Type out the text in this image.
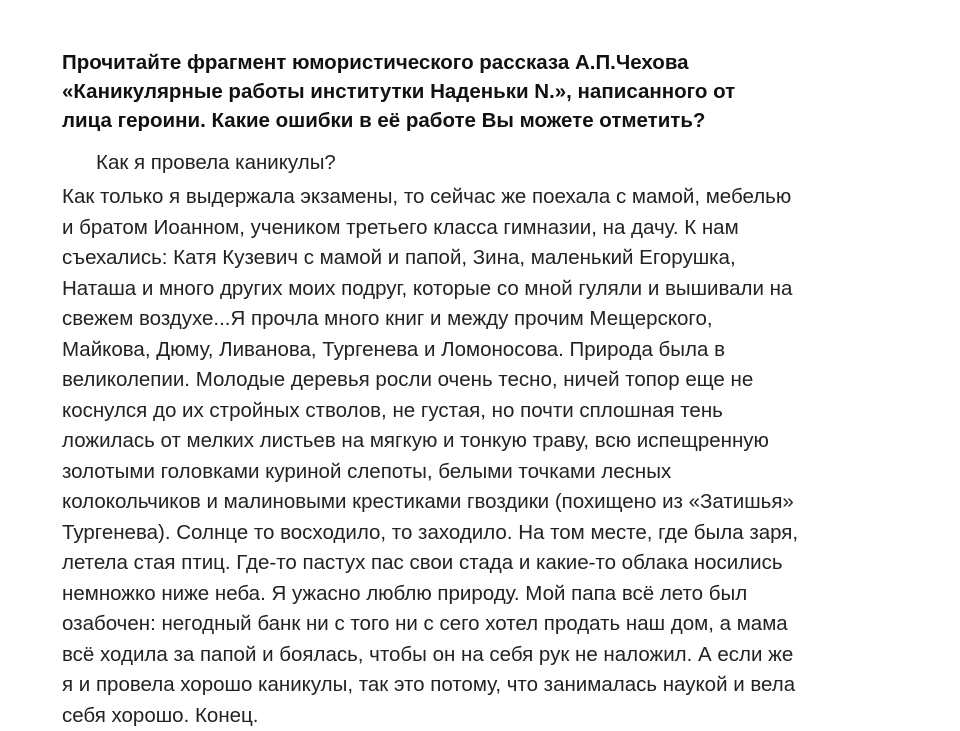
Прочитайте фрагмент юмористического рассказа А.П.Чехова
«Каникулярные работы институтки Наденьки N.», написанного от
лица героини. Какие ошибки в её работе Вы можете отметить?
Как я провела каникулы?
Как только я выдержала экзамены, то сейчас же поехала с мамой, мебелью
и братом Иоанном, учеником третьего класса гимназии, на дачу. К нам
съехались: Катя Кузевич с мамой и папой, Зина, маленький Егорушка,
Наташа и много других моих подруг, которые со мной гуляли и вышивали на
свежем воздухе...Я прочла много книг и между прочим Мещерского,
Майкова, Дюму, Ливанова, Тургенева и Ломоносова. Природа была в
великолепии. Молодые деревья росли очень тесно, ничей топор еще не
коснулся до их стройных стволов, не густая, но почти сплошная тень
ложилась от мелких листьев на мягкую и тонкую траву, всю испещренную
золотыми головками куриной слепоты, белыми точками лесных
колокольчиков и малиновыми крестиками гвоздики (похищено из «Затишья»
Тургенева). Солнце то восходило, то заходило. На том месте, где была заря,
летела стая птиц. Где-то пастух пас свои стада и какие-то облака носились
немножко ниже неба. Я ужасно люблю природу. Мой папа всё лето был
озабочен: негодный банк ни с того ни с сего хотел продать наш дом, а мама
всё ходила за папой и боялась, чтобы он на себя рук не наложил. А если же
я и провела хорошо каникулы, так это потому, что занималась наукой и вела
себя хорошо. Конец.
